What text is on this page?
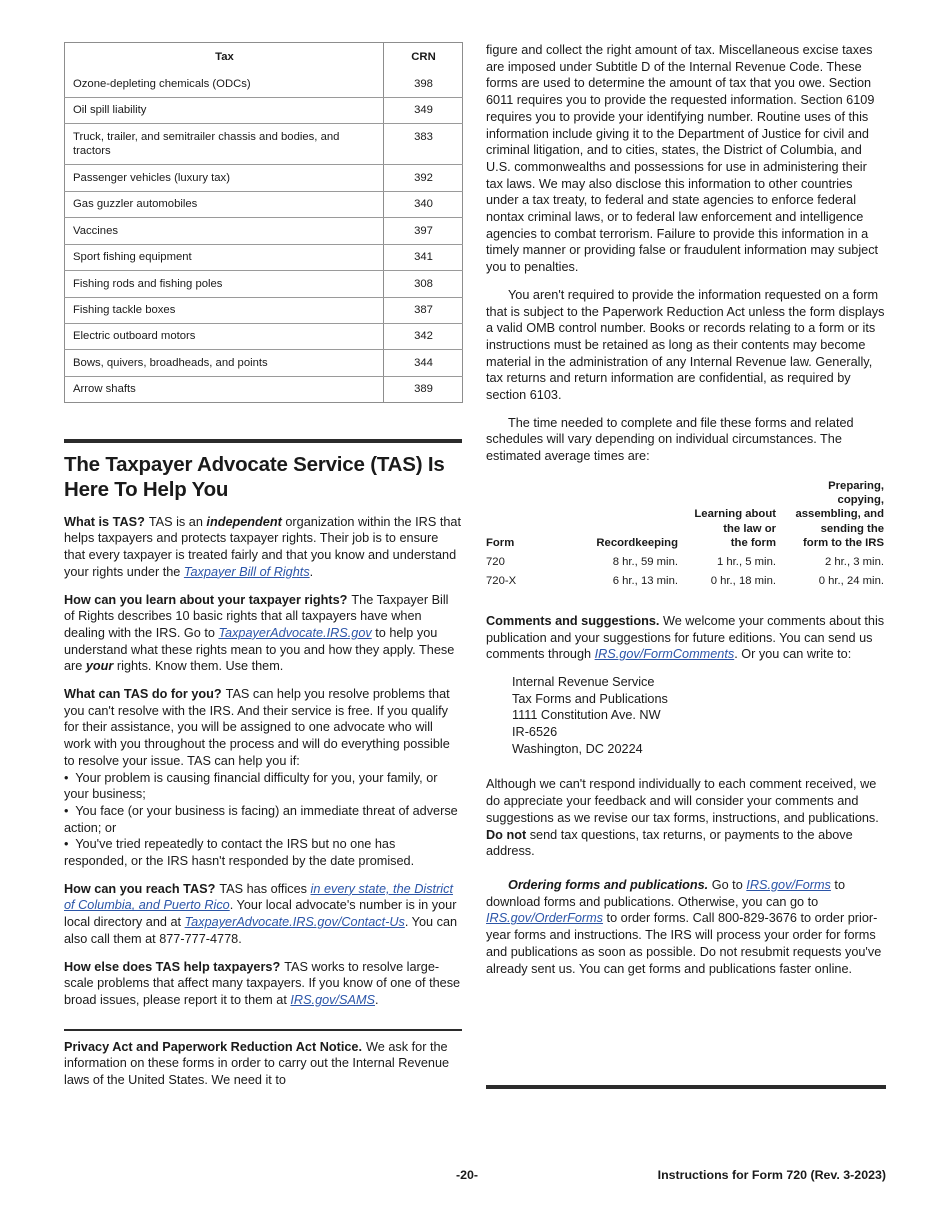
Tax	CRN
Ozone-depleting chemicals (ODCs)	398
Oil spill liability	349
Truck, trailer, and semitrailer chassis and bodies, and tractors	383
Passenger vehicles (luxury tax)	392
Gas guzzler automobiles	340
Vaccines	397
Sport fishing equipment	341
Fishing rods and fishing poles	308
Fishing tackle boxes	387
Electric outboard motors	342
Bows, quivers, broadheads, and points	344
Arrow shafts	389
The Taxpayer Advocate Service (TAS) Is Here To Help You

What is TAS? TAS is an independent organization within the IRS that helps taxpayers and protects taxpayer rights. Their job is to ensure that every taxpayer is treated fairly and that you know and understand your rights under the Taxpayer Bill of Rights.

How can you learn about your taxpayer rights? The Taxpayer Bill of Rights describes 10 basic rights that all taxpayers have when dealing with the IRS. Go to TaxpayerAdvocate.IRS.gov to help you understand what these rights mean to you and how they apply. These are your rights. Know them. Use them.

What can TAS do for you? TAS can help you resolve problems that you can't resolve with the IRS. And their service is free. If you qualify for their assistance, you will be assigned to one advocate who will work with you throughout the process and will do everything possible to resolve your issue. TAS can help you if:

•  Your problem is causing financial difficulty for you, your family, or your business;

•  You face (or your business is facing) an immediate threat of adverse action; or

•  You've tried repeatedly to contact the IRS but no one has responded, or the IRS hasn't responded by the date promised.

How can you reach TAS? TAS has offices in every state, the District of Columbia, and Puerto Rico. Your local advocate's number is in your local directory and at TaxpayerAdvocate.IRS.gov/Contact-Us. You can also call them at 877-777-4778.

How else does TAS help taxpayers? TAS works to resolve large-scale problems that affect many taxpayers. If you know of one of these broad issues, please report it to them at IRS.gov/SAMS.

Privacy Act and Paperwork Reduction Act Notice. We ask for the information on these forms in order to carry out the Internal Revenue laws of the United States. We need it to

figure and collect the right amount of tax. Miscellaneous excise taxes are imposed under Subtitle D of the Internal Revenue Code. These forms are used to determine the amount of tax that you owe. Section 6011 requires you to provide the requested information. Section 6109 requires you to provide your identifying number. Routine uses of this information include giving it to the Department of Justice for civil and criminal litigation, and to cities, states, the District of Columbia, and U.S. commonwealths and possessions for use in administering their tax laws. We may also disclose this information to other countries under a tax treaty, to federal and state agencies to enforce federal nontax criminal laws, or to federal law enforcement and intelligence agencies to combat terrorism. Failure to provide this information in a timely manner or providing false or fraudulent information may subject you to penalties.

You aren't required to provide the information requested on a form that is subject to the Paperwork Reduction Act unless the form displays a valid OMB control number. Books or records relating to a form or its instructions must be retained as long as their contents may become material in the administration of any Internal Revenue law. Generally, tax returns and return information are confidential, as required by section 6103.

The time needed to complete and file these forms and related schedules will vary depending on individual circumstances. The estimated average times are:

Form	Recordkeeping	Learning about
the law or
the form	Preparing,
copying,
assembling, and
sending the
form to the IRS
720	8 hr., 59 min.	1 hr., 5 min.	2 hr., 3 min.
720-X	6 hr., 13 min.	0 hr., 18 min.	0 hr., 24 min.

Comments and suggestions. We welcome your comments about this publication and your suggestions for future editions. You can send us comments through IRS.gov/FormComments. Or you can write to:

Internal Revenue Service
Tax Forms and Publications
1111 Constitution Ave. NW
IR-6526
Washington, DC 20224

Although we can't respond individually to each comment received, we do appreciate your feedback and will consider your comments and suggestions as we revise our tax forms, instructions, and publications. Do not send tax questions, tax returns, or payments to the above address.

Ordering forms and publications. Go to IRS.gov/Forms to download forms and publications. Otherwise, you can go to IRS.gov/OrderForms to order forms. Call 800-829-3676 to order prior-year forms and instructions. The IRS will process your order for forms and publications as soon as possible. Do not resubmit requests you've already sent us. You can get forms and publications faster online.

-20-	Instructions for Form 720 (Rev. 3-2023)
